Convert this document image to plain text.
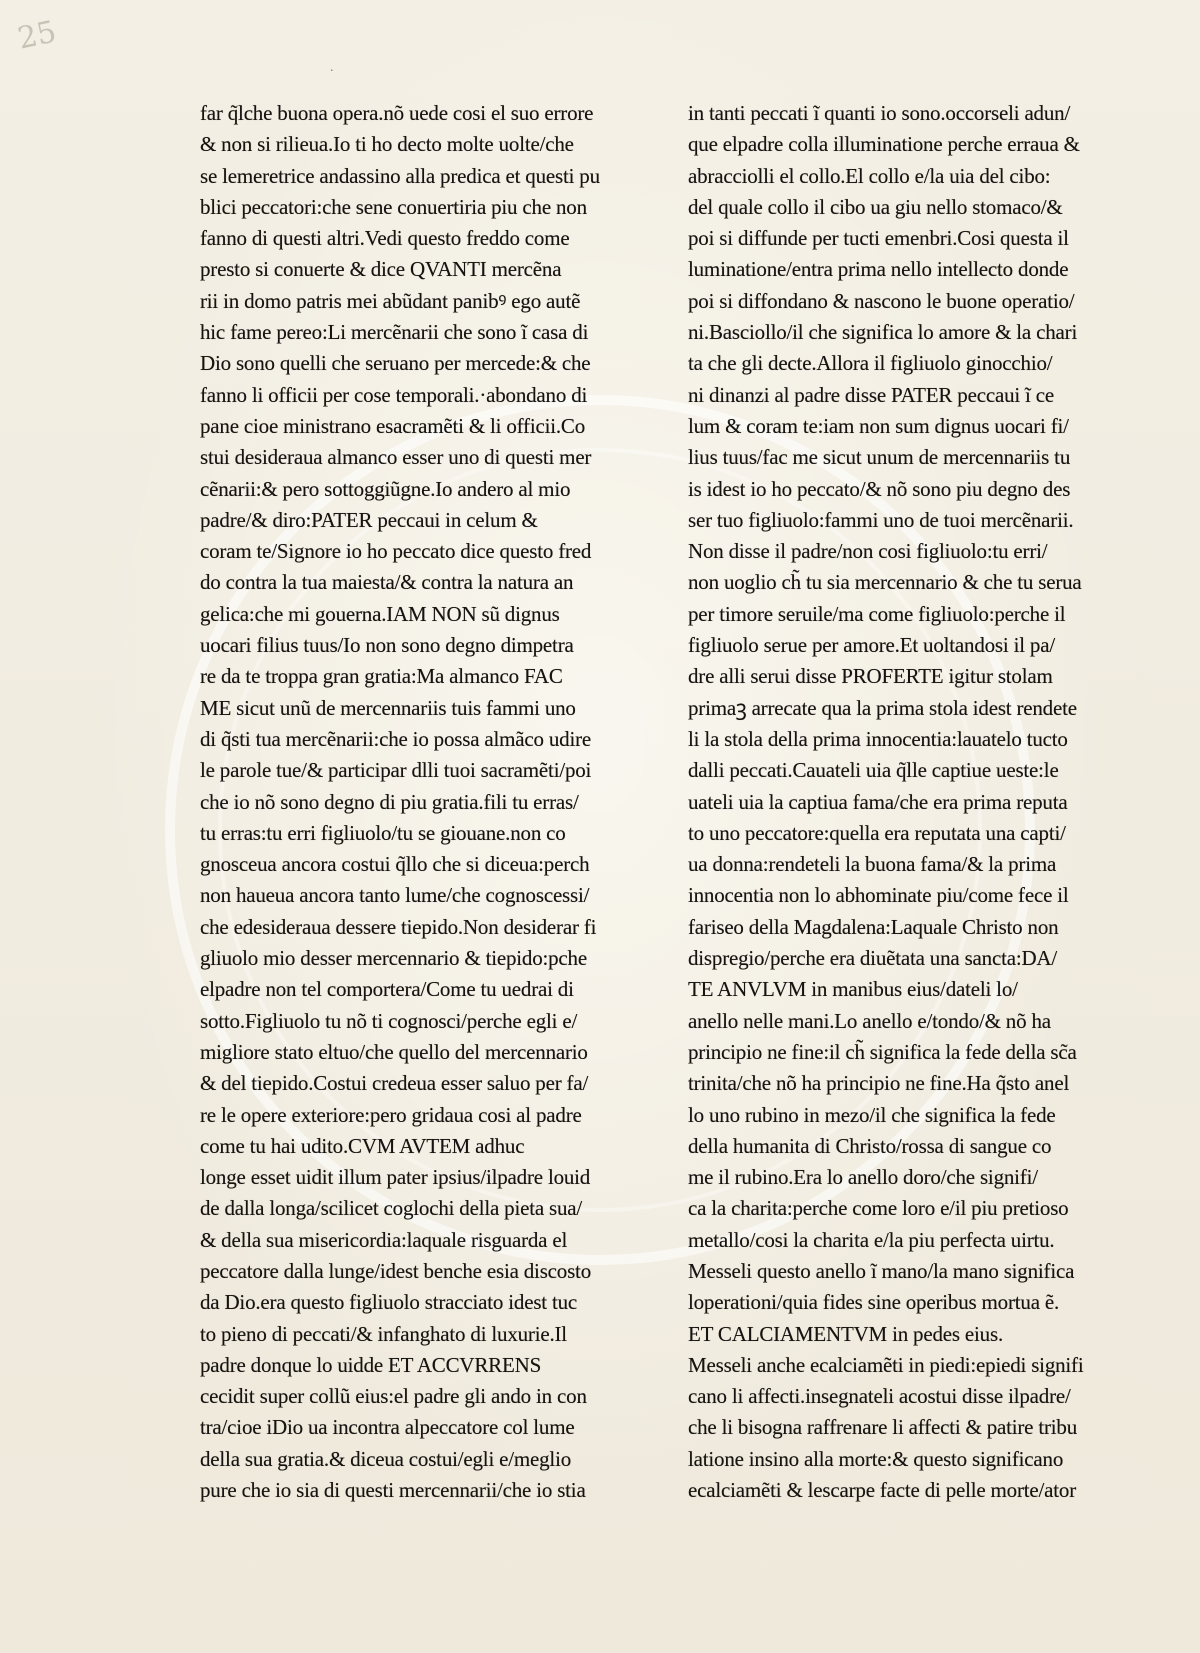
25
.
far q̃lche buona opera.nõ uede cosi el suo errore
& non si rilieua.Io ti ho decto molte uolte/che
se lemeretrice andassino alla predica et questi pu
blici peccatori:che sene conuertiria piu che non
fanno di questi altri.Vedi questo freddo come
presto si conuerte & dice QVANTI mercẽna
rii in domo patris mei abũdant panibꝰ ego autẽ
hic fame pereo:Li mercẽnarii che sono ĩ casa di
Dio sono quelli che seruano per mercede:& che
fanno li officii per cose temporali.·abondano di
pane cioe ministrano esacramẽti & li officii.Co
stui desideraua almanco esser uno di questi mer
cẽnarii:& pero sottoggiũgne.Io andero al mio
padre/& diro:PATER peccaui in celum &
coram te/Signore io ho peccato dice questo fred
do contra la tua maiesta/& contra la natura an
gelica:che mi gouerna.IAM NON sũ dignus
uocari filius tuus/Io non sono degno dimpetra
re da te troppa gran gratia:Ma almanco FAC
ME sicut unũ de mercennariis tuis fammi uno
di q̃sti tua mercẽnarii:che io possa almãco udire
le parole tue/& participar dlli tuoi sacramẽti/poi
che io nõ sono degno di piu gratia.fili tu erras/
tu erras:tu erri figliuolo/tu se giouane.non co
gnosceua ancora costui q̃llo che si diceua:perch
non haueua ancora tanto lume/che cognoscessi/
che edesideraua dessere tiepido.Non desiderar fi
gliuolo mio desser mercennario & tiepido:pche
elpadre non tel comportera/Come tu uedrai di
sotto.Figliuolo tu nõ ti cognosci/perche egli e/
migliore stato eltuo/che quello del mercennario
& del tiepido.Costui credeua esser saluo per fa/
re le opere exteriore:pero gridaua cosi al padre
come tu hai udito.CVM AVTEM adhuc
longe esset uidit illum pater ipsius/ilpadre louid
de dalla longa/scilicet coglochi della pieta sua/
& della sua misericordia:laquale risguarda el
peccatore dalla lunge/idest benche esia discosto
da Dio.era questo figliuolo stracciato idest tuc
to pieno di peccati/& infanghato di luxurie.Il
padre donque lo uidde ET ACCVRRENS
cecidit super collũ eius:el padre gli ando in con
tra/cioe iDio ua incontra alpeccatore col lume
della sua gratia.& diceua costui/egli e/meglio
pure che io sia di questi mercennarii/che io stia
in tanti peccati ĩ quanti io sono.occorseli adun/
que elpadre colla illuminatione perche erraua &
abracciolli el collo.El collo e/la uia del cibo:
del quale collo il cibo ua giu nello stomaco/&
poi si diffunde per tucti emenbri.Cosi questa il
luminatione/entra prima nello intellecto donde
poi si diffondano & nascono le buone operatio/
ni.Basciollo/il che significa lo amore & la chari
ta che gli decte.Allora il figliuolo ginocchio/
ni dinanzi al padre disse PATER peccaui ĩ ce
lum & coram te:iam non sum dignus uocari fi/
lius tuus/fac me sicut unum de mercennariis tu
is idest io ho peccato/& nõ sono piu degno des
ser tuo figliuolo:fammi uno de tuoi mercẽnarii.
Non disse il padre/non cosi figliuolo:tu erri/
non uoglio ch̃ tu sia mercennario & che tu serua
per timore seruile/ma come figliuolo:perche il
figliuolo serue per amore.Et uoltandosi il pa/
dre alli serui disse PROFERTE igitur stolam
primaꝫ arrecate qua la prima stola idest rendete
li la stola della prima innocentia:lauatelo tucto
dalli peccati.Cauateli uia q̃lle captiue ueste:le
uateli uia la captiua fama/che era prima reputa
to uno peccatore:quella era reputata una capti/
ua donna:rendeteli la buona fama/& la prima
innocentia non lo abhominate piu/come fece il
fariseo della Magdalena:Laquale Christo non
dispregio/perche era diuẽtata una sancta:DA/
TE ANVLVM in manibus eius/dateli lo/
anello nelle mani.Lo anello e/tondo/& nõ ha
principio ne fine:il ch̃ significa la fede della sc̃a
trinita/che nõ ha principio ne fine.Ha q̃sto anel
lo uno rubino in mezo/il che significa la fede
della humanita di Christo/rossa di sangue co
me il rubino.Era lo anello doro/che signifi/
ca la charita:perche come loro e/il piu pretioso
metallo/cosi la charita e/la piu perfecta uirtu.
Messeli questo anello ĩ mano/la mano significa
loperationi/quia fides sine operibus mortua ẽ.
ET CALCIAMENTVM in pedes eius.
Messeli anche ecalciamẽti in piedi:epiedi signifi
cano li affecti.insegnateli acostui disse ilpadre/
che li bisogna raffrenare li affecti & patire tribu
latione insino alla morte:& questo significano
ecalciamẽti & lescarpe facte di pelle morte/ator
